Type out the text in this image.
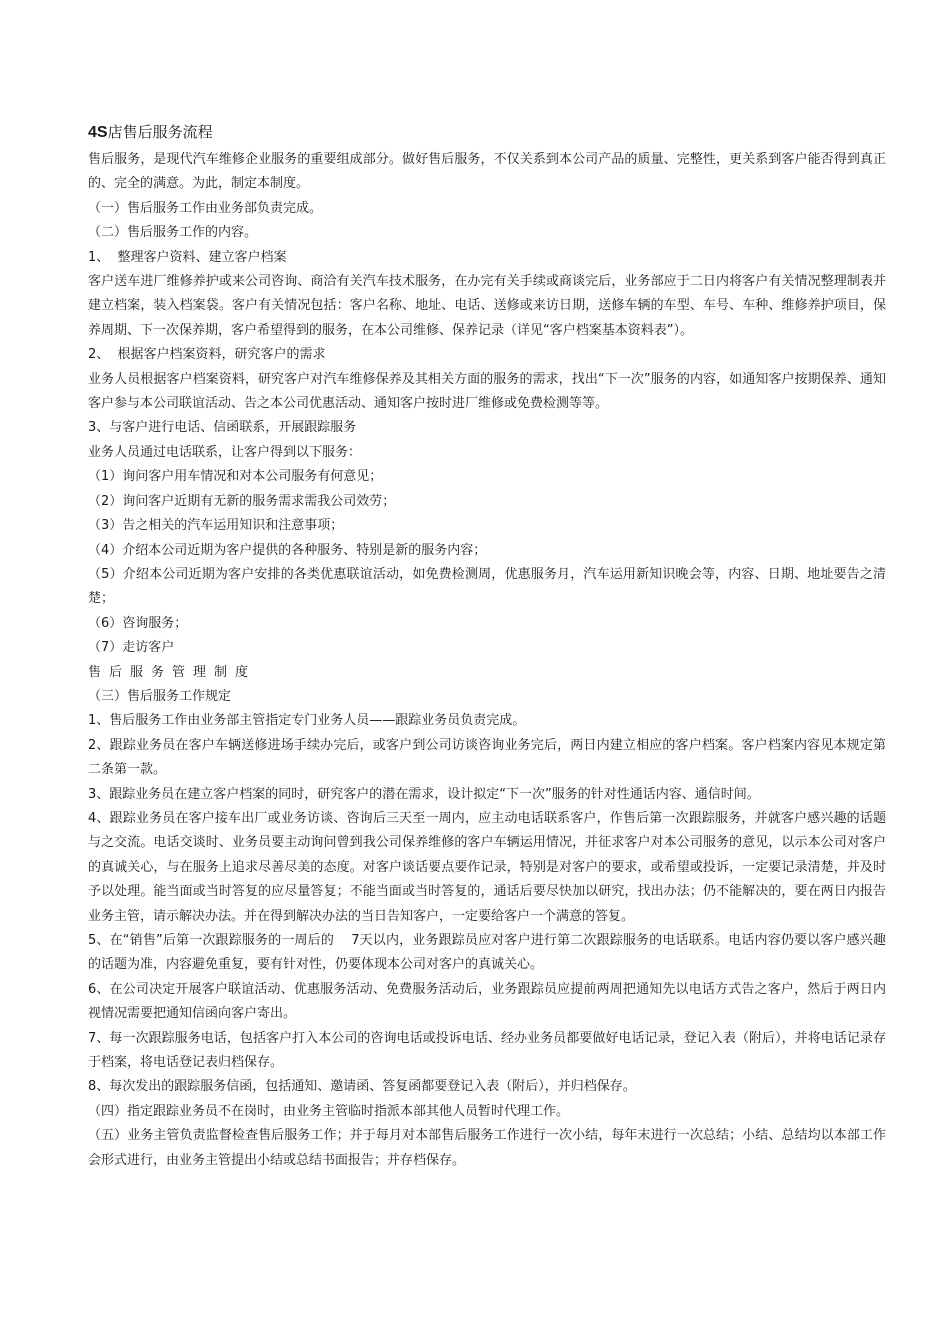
4S店售后服务流程

售后服务，是现代汽车维修企业服务的重要组成部分。做好售后服务，不仅关系到本公司产品的质量、完整性，更关系到客户能否得到真正的、完全的满意。为此，制定本制度。

（一）售后服务工作由业务部负责完成。

（二）售后服务工作的内容。

1、  整理客户资料、建立客户档案

客户送车进厂维修养护或来公司咨询、商洽有关汽车技术服务，在办完有关手续或商谈完后，业务部应于二日内将客户有关情况整理制表并建立档案，装入档案袋。客户有关情况包括：客户名称、地址、电话、送修或来访日期，送修车辆的车型、车号、车种、维修养护项目，保养周期、下一次保养期，客户希望得到的服务，在本公司维修、保养记录（详见“客户档案基本资料表”）。

2、  根据客户档案资料，研究客户的需求

业务人员根据客户档案资料，研究客户对汽车维修保养及其相关方面的服务的需求，找出“下一次”服务的内容，如通知客户按期保养、通知客户参与本公司联谊活动、告之本公司优惠活动、通知客户按时进厂维修或免费检测等等。

3、与客户进行电话、信函联系，开展跟踪服务

业务人员通过电话联系，让客户得到以下服务：

（1）询问客户用车情况和对本公司服务有何意见；

（2）询问客户近期有无新的服务需求需我公司效劳；

（3）告之相关的汽车运用知识和注意事项；

（4）介绍本公司近期为客户提供的各种服务、特别是新的服务内容；

（5）介绍本公司近期为客户安排的各类优惠联谊活动，如免费检测周，优惠服务月，汽车运用新知识晚会等，内容、日期、地址要告之清楚；

（6）咨询服务；

（7）走访客户

售后服务管理制度

（三）售后服务工作规定

1、售后服务工作由业务部主管指定专门业务人员——跟踪业务员负责完成。

2、跟踪业务员在客户车辆送修进场手续办完后，或客户到公司访谈咨询业务完后，两日内建立相应的客户档案。客户档案内容见本规定第二条第一款。

3、跟踪业务员在建立客户档案的同时，研究客户的潜在需求，设计拟定“下一次”服务的针对性通话内容、通信时间。

4、跟踪业务员在客户接车出厂或业务访谈、咨询后三天至一周内，应主动电话联系客户，作售后第一次跟踪服务，并就客户感兴趣的话题与之交流。电话交谈时、业务员要主动询问曾到我公司保养维修的客户车辆运用情况，并征求客户对本公司服务的意见，以示本公司对客户的真诚关心，与在服务上追求尽善尽美的态度。对客户谈话要点要作记录，特别是对客户的要求，或希望或投诉，一定要记录清楚，并及时予以处理。能当面或当时答复的应尽量答复；不能当面或当时答复的，通话后要尽快加以研究，找出办法；仍不能解决的，要在两日内报告业务主管，请示解决办法。并在得到解决办法的当日告知客户，一定要给客户一个满意的答复。

5、在“销售”后第一次跟踪服务的一周后的    7天以内，业务跟踪员应对客户进行第二次跟踪服务的电话联系。电话内容仍要以客户感兴趣的话题为准，内容避免重复，要有针对性，仍要体现本公司对客户的真诚关心。

6、在公司决定开展客户联谊活动、优惠服务活动、免费服务活动后，业务跟踪员应提前两周把通知先以电话方式告之客户，然后于两日内视情况需要把通知信函向客户寄出。

7、每一次跟踪服务电话，包括客户打入本公司的咨询电话或投诉电话、经办业务员都要做好电话记录，登记入表（附后），并将电话记录存于档案，将电话登记表归档保存。

8、每次发出的跟踪服务信函，包括通知、邀请函、答复函都要登记入表（附后），并归档保存。

（四）指定跟踪业务员不在岗时，由业务主管临时指派本部其他人员暂时代理工作。

（五）业务主管负责监督检查售后服务工作；并于每月对本部售后服务工作进行一次小结，每年末进行一次总结；小结、总结均以本部工作会形式进行，由业务主管提出小结或总结书面报告；并存档保存。
